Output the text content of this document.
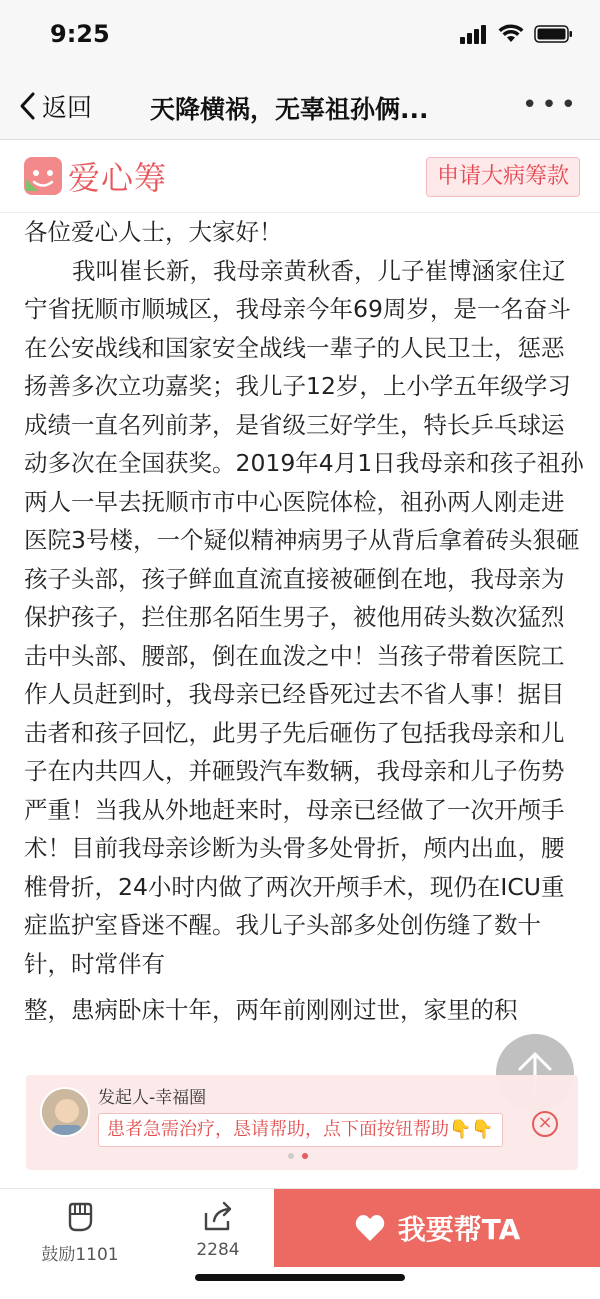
9:25
返回 天降横祸，无辜祖孙俩...	•••
爱心筹	申请大病筹款

各位爱心人士，大家好！

我叫崔长新，我母亲黄秋香，儿子崔博涵家住辽宁省抚顺市顺城区，我母亲今年69周岁，是一名奋斗在公安战线和国家安全战线一辈子的人民卫士，惩恶扬善多次立功嘉奖；我儿子12岁，上小学五年级学习成绩一直名列前茅，是省级三好学生，特长乒乓球运动多次在全国获奖。2019年4月1日我母亲和孩子祖孙两人一早去抚顺市市中心医院体检，祖孙两人刚走进医院3号楼，一个疑似精神病男子从背后拿着砖头狠砸孩子头部，孩子鲜血直流直接被砸倒在地，我母亲为保护孩子，拦住那名陌生男子，被他用砖头数次猛烈击中头部、腰部，倒在血泼之中！当孩子带着医院工作人员赶到时，我母亲已经昏死过去不省人事！据目击者和孩子回忆，此男子先后砸伤了包括我母亲和儿子在内共四人，并砸毁汽车数辆，我母亲和儿子伤势严重！当我从外地赶来时，母亲已经做了一次开颅手术！目前我母亲诊断为头骨多处骨折，颅内出血，腰椎骨折，24小时内做了两次开颅手术，现仍在ICU重症监护室昏迷不醒。我儿子头部多处创伤缝了数十针，时常伴有

整，患病卧床十年，两年前刚刚过世，家里的积

发起人-幸福圈
患者急需治疗，恳请帮助，点下面按钮帮助👇👇	×
鼓励1101	2284
我要帮TA
